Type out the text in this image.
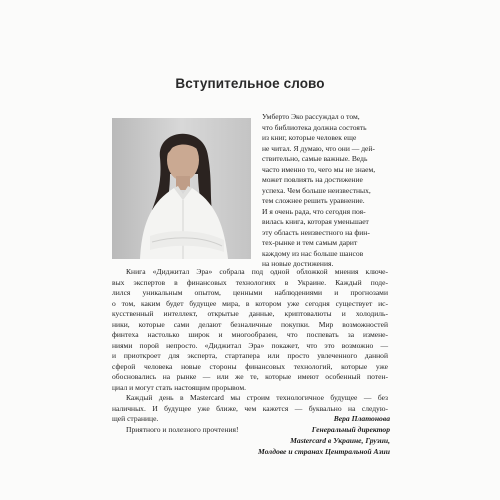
Вступительное слово

Умберто Эко рассуждал о том,
что библиотека должна состоять
из книг, которые человек еще
не читал. Я думаю, что они — дей-
ствительно, самые важные. Ведь
часто именно то, чего мы не знаем,
может повлиять на достижение
успеха. Чем больше неизвестных,
тем сложнее решить уравнение.
И я очень рада, что сегодня поя-
вилась книга, которая уменьшает
эту область неизвестного на фин-
тех-рынке и тем самым дарит
каждому из нас больше шансов
на новые достижения.

Книга «Диджитал Эра» собрала под одной обложкой мнения ключе-
вых экспертов в финансовых технологиях в Украине. Каждый поде-
лился уникальным опытом, ценными наблюдениями и прогнозами
о том, каким будет будущее мира, в котором уже сегодня существует ис-
кусственный интеллект, открытые данные, криптовалюты и холодиль-
ники, которые сами делают безналичные покупки. Мир возможностей
финтеха настолько широк и многообразен, что поспевать за измене-
ниями порой непросто. «Диджитал Эра» покажет, что это возможно —
и приоткроет для эксперта, стартапера или просто увлеченного данной
сферой человека новые стороны финансовых технологий, которые уже
обосновались на рынке — или же те, которые имеют особенный потен-
циал и могут стать настоящим прорывом.
Каждый день в Mastercard мы строим технологичное будущее — без
наличных. И будущее уже ближе, чем кажется — буквально на следую-
щей странице.
Приятного и полезного прочтения!

Вера Платонова
Генеральный директор
Mastercard в Украине, Грузии,
Молдове и странах Центральной Азии
